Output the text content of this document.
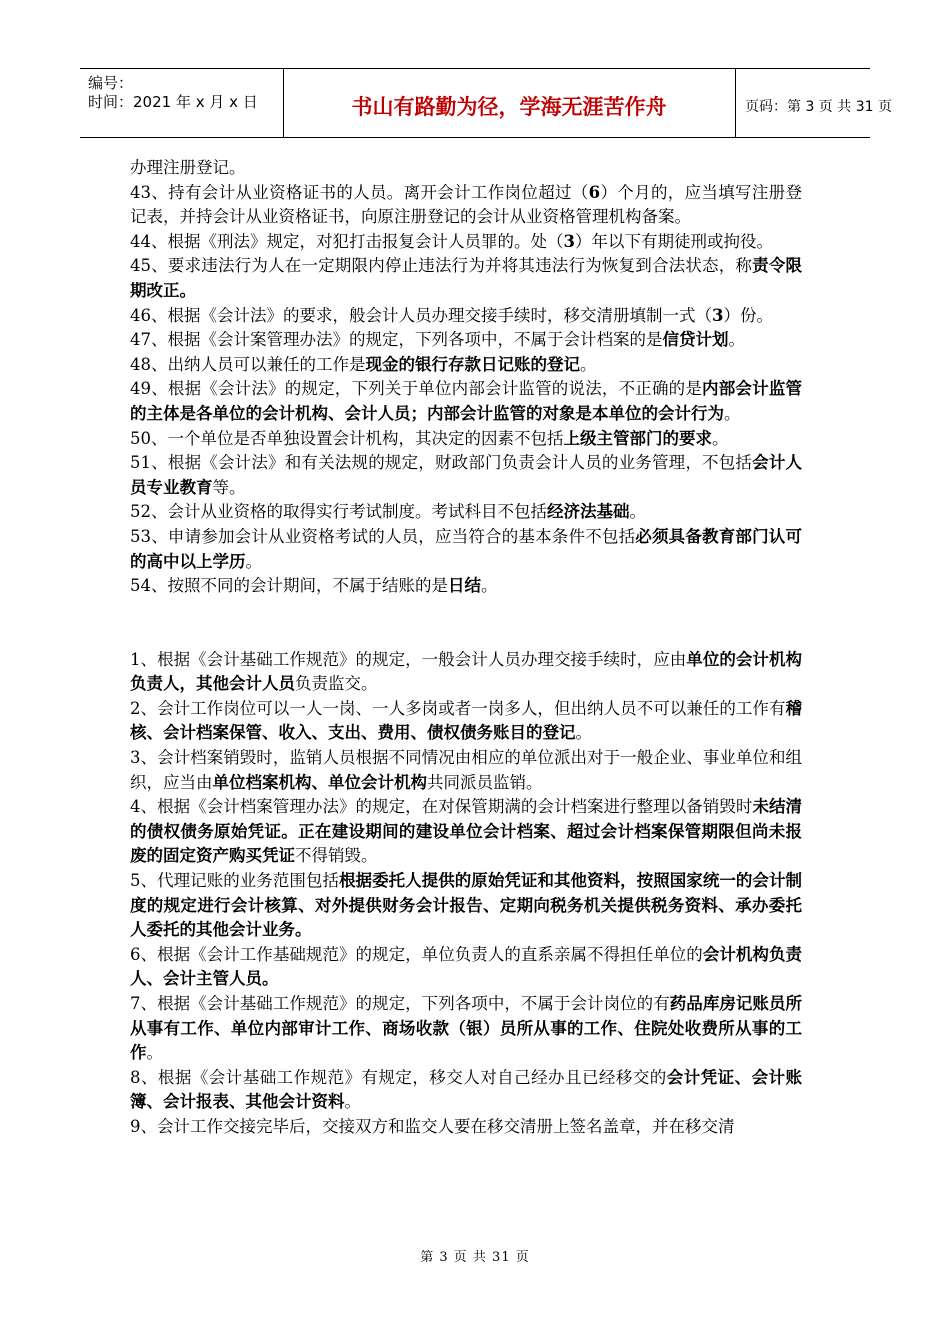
编号：
时间：2021 年 x 月 x 日	书山有路勤为径，学海无涯苦作舟	页码：第 3 页 共 31 页

办理注册登记。

43、持有会计从业资格证书的人员。离开会计工作岗位超过（6）个月的，应当填写注册登记表，并持会计从业资格证书，向原注册登记的会计从业资格管理机构备案。

44、根据《刑法》规定，对犯打击报复会计人员罪的。处（3）年以下有期徒刑或拘役。

45、要求违法行为人在一定期限内停止违法行为并将其违法行为恢复到合法状态，称责令限期改正。

46、根据《会计法》的要求，般会计人员办理交接手续时，移交清册填制一式（3）份。

47、根据《会计案管理办法》的规定，下列各项中，不属于会计档案的是信贷计划。

48、出纳人员可以兼任的工作是现金的银行存款日记账的登记。

49、根据《会计法》的规定，下列关于单位内部会计监管的说法，不正确的是内部会计监管的主体是各单位的会计机构、会计人员；内部会计监管的对象是本单位的会计行为。

50、一个单位是否单独设置会计机构，其决定的因素不包括上级主管部门的要求。

51、根据《会计法》和有关法规的规定，财政部门负责会计人员的业务管理，不包括会计人员专业教育等。

52、会计从业资格的取得实行考试制度。考试科目不包括经济法基础。

53、申请参加会计从业资格考试的人员，应当符合的基本条件不包括必须具备教育部门认可的高中以上学历。

54、按照不同的会计期间，不属于结账的是日结。

1、根据《会计基础工作规范》的规定，一般会计人员办理交接手续时，应由单位的会计机构负责人，其他会计人员负责监交。

2、会计工作岗位可以一人一岗、一人多岗或者一岗多人，但出纳人员不可以兼任的工作有稽核、会计档案保管、收入、支出、费用、债权债务账目的登记。

3、会计档案销毁时，监销人员根据不同情况由相应的单位派出对于一般企业、事业单位和组织，应当由单位档案机构、单位会计机构共同派员监销。

4、根据《会计档案管理办法》的规定，在对保管期满的会计档案进行整理以备销毁时未结清的债权债务原始凭证。正在建设期间的建设单位会计档案、超过会计档案保管期限但尚未报废的固定资产购买凭证不得销毁。

5、代理记账的业务范围包括根据委托人提供的原始凭证和其他资料，按照国家统一的会计制度的规定进行会计核算、对外提供财务会计报告、定期向税务机关提供税务资料、承办委托人委托的其他会计业务。

6、根据《会计工作基础规范》的规定，单位负责人的直系亲属不得担任单位的会计机构负责人、会计主管人员。

7、根据《会计基础工作规范》的规定，下列各项中，不属于会计岗位的有药品库房记账员所从事有工作、单位内部审计工作、商场收款（银）员所从事的工作、住院处收费所从事的工作。

8、根据《会计基础工作规范》有规定，移交人对自己经办且已经移交的会计凭证、会计账簿、会计报表、其他会计资料。

9、会计工作交接完毕后，交接双方和监交人要在移交清册上签名盖章，并在移交清

第 3 页 共 31 页
